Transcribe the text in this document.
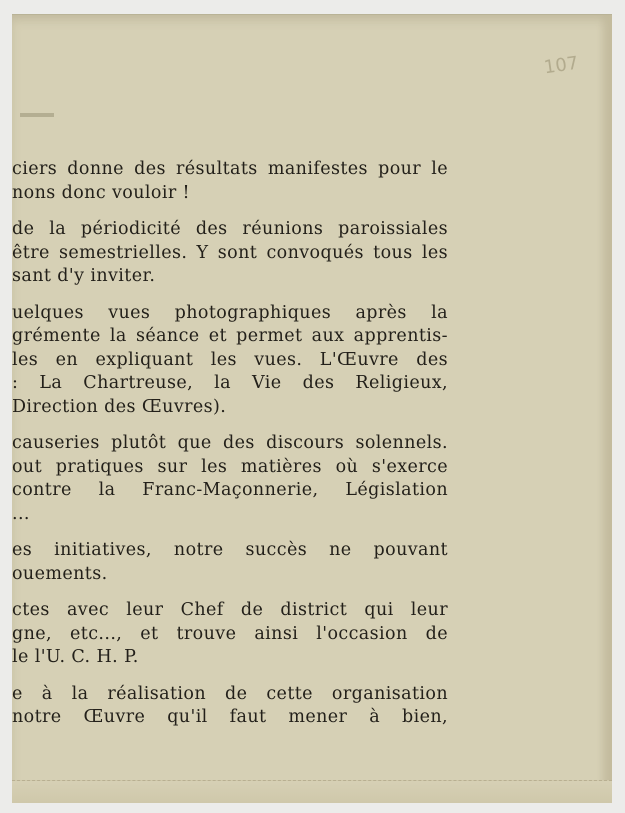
107
ciers donne des résultats manifestes pour le
nons donc vouloir !
de la périodicité des réunions paroissiales
être semestrielles. Y sont convoqués tous les
sant d'y inviter.
uelques vues photographiques après la
grémente la séance et permet aux apprentis-
les en expliquant les vues. L'Œuvre des
: La Chartreuse, la Vie des Religieux,
Direction des Œuvres).
causeries plutôt que des discours solennels.
out pratiques sur les matières où s'exerce
contre la Franc-Maçonnerie, Législation
...
es initiatives, notre succès ne pouvant
ouements.
ctes avec leur Chef de district qui leur
gne, etc..., et trouve ainsi l'occasion de
le l'U. C. H. P.
e à la réalisation de cette organisation
notre Œuvre qu'il faut mener à bien,
